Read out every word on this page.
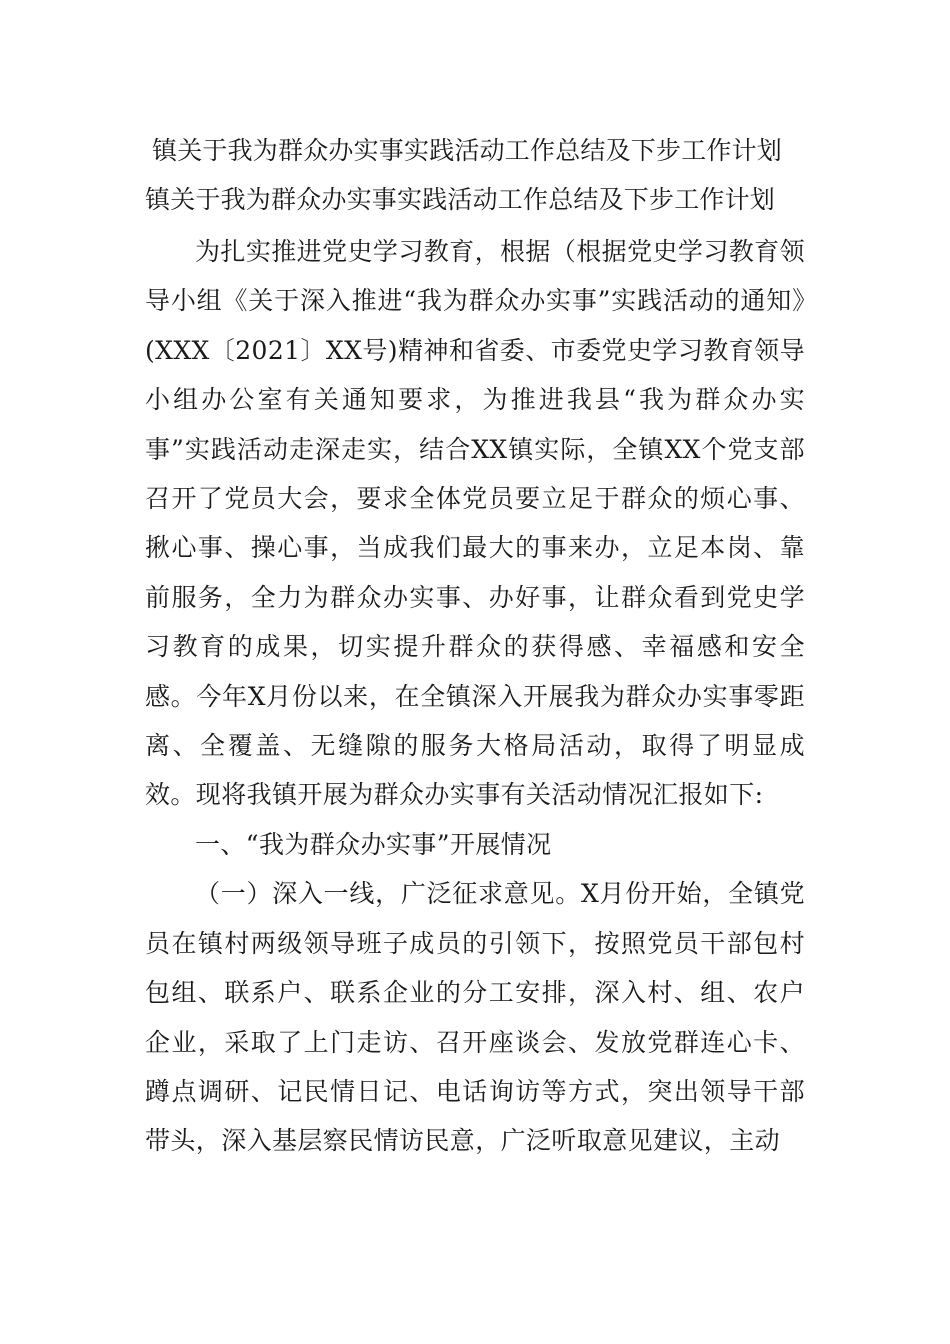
镇关于我为群众办实事实践活动工作总结及下步工作计划
镇关于我为群众办实事实践活动工作总结及下步工作计划

为扎实推进党史学习教育，根据（根据党史学习教育领导小组《关于深入推进“我为群众办实事”实践活动的通知》(XXX〔2021〕XX号)精神和省委、市委党史学习教育领导小组办公室有关通知要求，为推进我县“我为群众办实事”实践活动走深走实，结合XX镇实际，全镇XX个党支部召开了党员大会，要求全体党员要立足于群众的烦心事、揪心事、操心事，当成我们最大的事来办，立足本岗、靠前服务，全力为群众办实事、办好事，让群众看到党史学习教育的成果，切实提升群众的获得感、幸福感和安全感。今年X月份以来，在全镇深入开展我为群众办实事零距离、全覆盖、无缝隙的服务大格局活动，取得了明显成效。现将我镇开展为群众办实事有关活动情况汇报如下:

一、“我为群众办实事”开展情况

（一）深入一线，广泛征求意见。X月份开始，全镇党员在镇村两级领导班子成员的引领下，按照党员干部包村包组、联系户、联系企业的分工安排，深入村、组、农户企业，采取了上门走访、召开座谈会、发放党群连心卡、蹲点调研、记民情日记、电话询访等方式，突出领导干部带头，深入基层察民情访民意，广泛听取意见建议，主动
